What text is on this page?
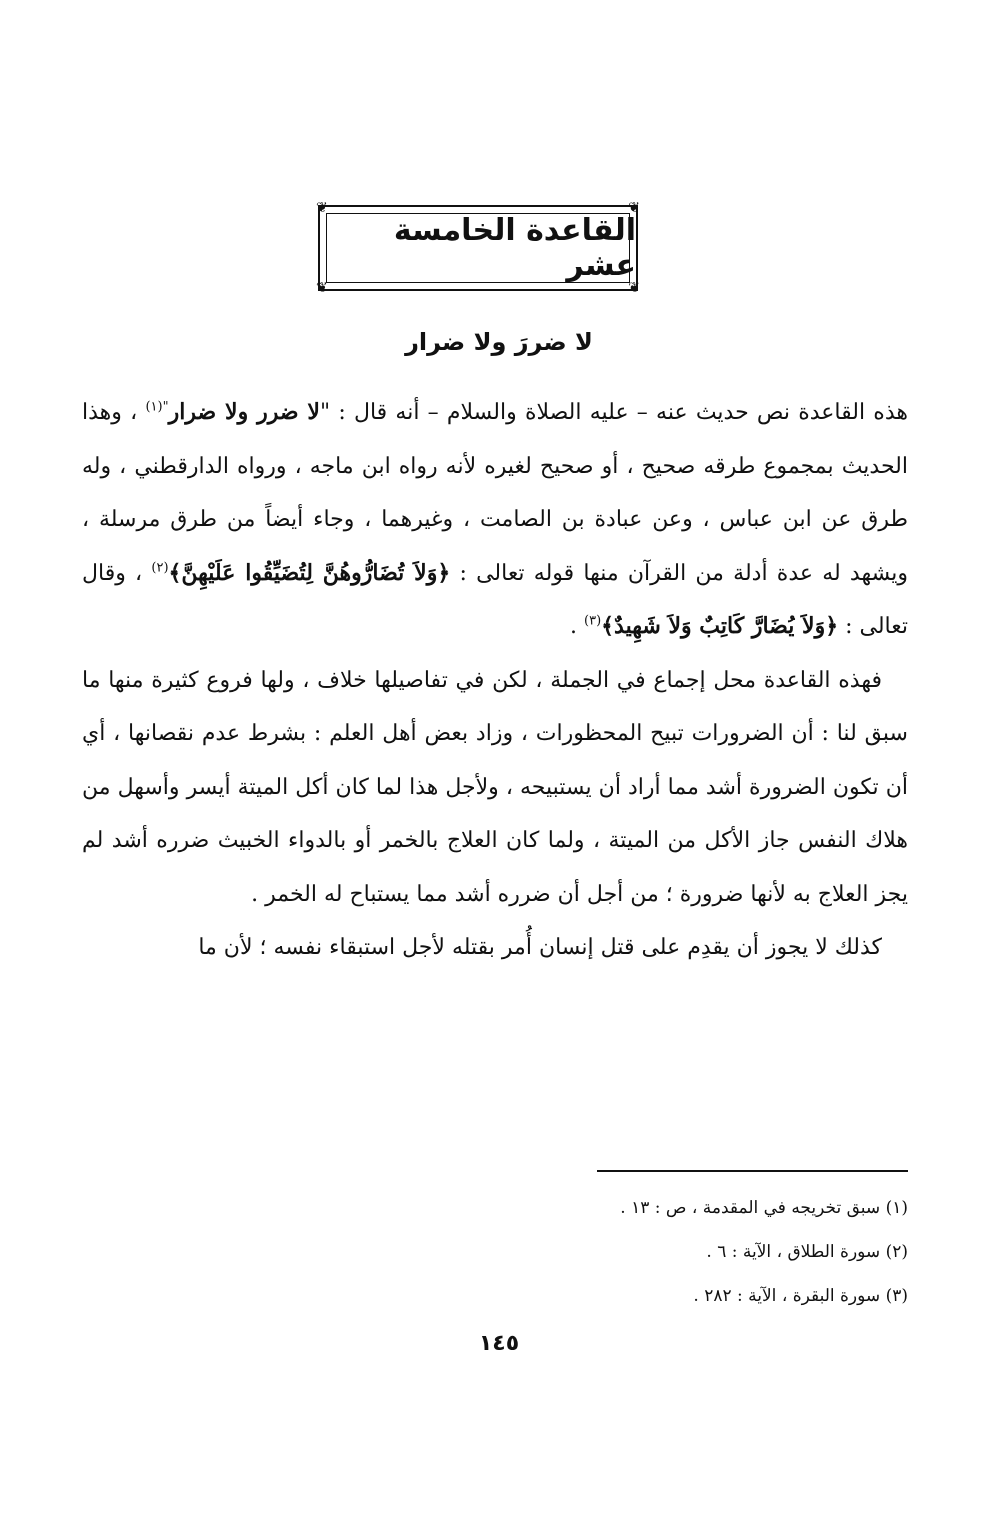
❦	❦
❦	❦
القاعدة الخامسة عشر
لا ضررَ ولا ضرار

هذه القاعدة نص حديث عنه – عليه الصلاة والسلام – أنه قال : "لا ضرر ولا ضرار$^{"(١)}$ ، وهذا الحديث بمجموع طرقه صحيح ، أو صحيح لغيره لأنه رواه ابن ماجه ، ورواه الدارقطني ، وله طرق عن ابن عباس ، وعن عبادة بن الصامت ، وغيرهما ، وجاء أيضاً من طرق مرسلة ، ويشهد له عدة أدلة من القرآن منها قوله تعالى : ﴿وَلاَ تُضَارُّوهُنَّ لِتُضَيِّقُوا عَلَيْهِنَّ﴾$^{(٢)}$ ، وقال تعالى : ﴿وَلاَ يُضَارَّ كَاتِبٌ وَلاَ شَهِيدٌ﴾$^{(٣)}$ .

فهذه القاعدة محل إجماع في الجملة ، لكن في تفاصيلها خلاف ، ولها فروع كثيرة منها ما سبق لنا : أن الضرورات تبيح المحظورات ، وزاد بعض أهل العلم : بشرط عدم نقصانها ، أي أن تكون الضرورة أشد مما أراد أن يستبيحه ، ولأجل هذا لما كان أكل الميتة أيسر وأسهل من هلاك النفس جاز الأكل من الميتة ، ولما كان العلاج بالخمر أو بالدواء الخبيث ضرره أشد لم يجز العلاج به لأنها ضرورة ؛ من أجل أن ضرره أشد مما يستباح له الخمر .

كذلك لا يجوز أن يقدِم على قتل إنسان أُمر بقتله لأجل استبقاء نفسه ؛ لأن ما

(١) سبق تخريجه في المقدمة ، ص : ١٣ .
(٢) سورة الطلاق ، الآية : ٦ .
(٣) سورة البقرة ، الآية : ٢٨٢ .
١٤٥
